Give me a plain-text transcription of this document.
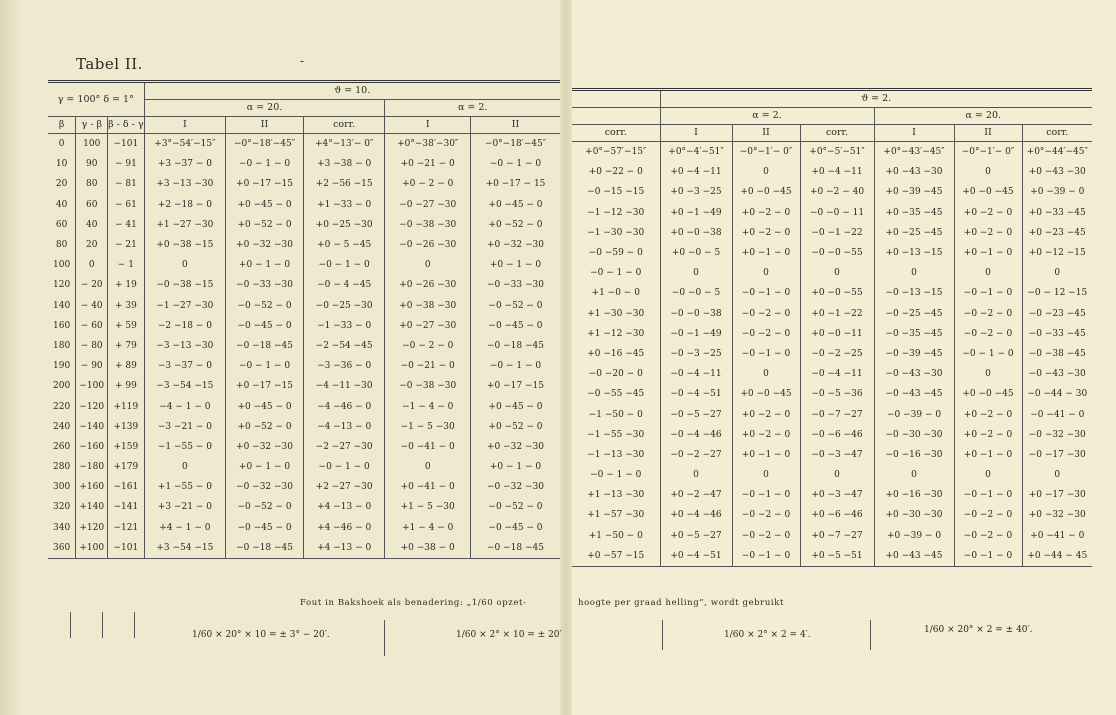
Tabel II.	‑
γ = 100° δ = 1°			ϑ = 10.				
			α = 20.			α = 2.	
β	γ - β	β - δ - γ	I	II	corr.	I	II
0	100	−101	+3°−54′−15″	−0°−18′−45″	+4°−13′− 0″	+0°−38′−30″	−0°−18′−45″
10	90	− 91	+3 −37 − 0	−0 − 1 − 0	+3 −38 − 0	+0 −21 − 0	−0 − 1 − 0
20	80	− 81	+3 −13 −30	+0 −17 −15	+2 −56 −15	+0 − 2 − 0	+0 −17 − 15
40	60	− 61	+2 −18 − 0	+0 −45 − 0	+1 −33 − 0	−0 −27 −30	+0 −45 − 0
60	40	− 41	+1 −27 −30	+0 −52 − 0	+0 −25 −30	−0 −38 −30	+0 −52 − 0
80	20	− 21	+0 −38 −15	+0 −32 −30	+0 − 5 −45	−0 −26 −30	+0 −32 −30
100	0	− 1	0	+0 − 1 − 0	−0 − 1 − 0	0	+0 − 1 − 0
120	− 20	+ 19	−0 −38 −15	−0 −33 −30	−0 − 4 −45	+0 −26 −30	−0 −33 −30
140	− 40	+ 39	−1 −27 −30	−0 −52 − 0	−0 −25 −30	+0 −38 −30	−0 −52 − 0
160	− 60	+ 59	−2 −18 − 0	−0 −45 − 0	−1 −33 − 0	+0 −27 −30	−0 −45 − 0
180	− 80	+ 79	−3 −13 −30	−0 −18 −45	−2 −54 −45	−0 − 2 − 0	−0 −18 −45
190	− 90	+ 89	−3 −37 − 0	−0 − 1 − 0	−3 −36 − 0	−0 −21 − 0	−0 − 1 − 0
200	−100	+ 99	−3 −54 −15	+0 −17 −15	−4 −11 −30	−0 −38 −30	+0 −17 −15
220	−120	+119	−4 − 1 − 0	+0 −45 − 0	−4 −46 − 0	−1 − 4 − 0	+0 −45 − 0
240	−140	+139	−3 −21 − 0	+0 −52 − 0	−4 −13 − 0	−1 − 5 −30	+0 −52 − 0
260	−160	+159	−1 −55 − 0	+0 −32 −30	−2 −27 −30	−0 −41 − 0	+0 −32 −30
280	−180	+179	0	+0 − 1 − 0	−0 − 1 − 0	0	+0 − 1 − 0
300	+160	−161	+1 −55 − 0	−0 −32 −30	+2 −27 −30	+0 −41 − 0	−0 −32 −30
320	+140	−141	+3 −21 − 0	−0 −52 − 0	+4 −13 − 0	+1 − 5 −30	−0 −52 − 0
340	+120	−121	+4 − 1 − 0	−0 −45 − 0	+4 −46 − 0	+1 − 4 − 0	−0 −45 − 0
360	+100	−101	+3 −54 −15	−0 −18 −45	+4 −13 − 0	+0 −38 − 0	−0 −18 −45
	ϑ = 2.					
	α = 2.			α = 20.		
corr.	I	II	corr.	I	II	corr.
+0°−57′−15″	+0°−4′−51″	−0°−1′− 0″	+0°−5′−51″	+0°−43′−45″	−0°−1′− 0″	+0°−44′−45″
+0 −22 − 0	+0 −4 −11	0	+0 −4 −11	+0 −43 −30	0	+0 −43 −30
−0 −15 −15	+0 −3 −25	+0 −0 −45	+0 −2 − 40	+0 −39 −45	+0 −0 −45	+0 −39 − 0
−1 −12 −30	+0 −1 −49	+0 −2 − 0	−0 −0 − 11	+0 −35 −45	+0 −2 − 0	+0 −33 −45
−1 −30 −30	+0 −0 −38	+0 −2 − 0	−0 −1 −22	+0 −25 −45	+0 −2 − 0	+0 −23 −45
−0 −59 − 0	+0 −0 − 5	+0 −1 − 0	−0 −0 −55	+0 −13 −15	+0 −1 − 0	+0 −12 −15
−0 − 1 − 0	0	0	0	0	0	0
+1 −0 − 0	−0 −0 − 5	−0 −1 − 0	+0 −0 −55	−0 −13 −15	−0 −1 − 0	−0 − 12 −15
+1 −30 −30	−0 −0 −38	−0 −2 − 0	+0 −1 −22	−0 −25 −45	−0 −2 − 0	−0 −23 −45
+1 −12 −30	−0 −1 −49	−0 −2 − 0	+0 −0 −11	−0 −35 −45	−0 −2 − 0	−0 −33 −45
+0 −16 −45	−0 −3 −25	−0 −1 − 0	−0 −2 −25	−0 −39 −45	−0 − 1 − 0	−0 −38 −45
−0 −20 − 0	−0 −4 −11	0	−0 −4 −11	−0 −43 −30	0	−0 −43 −30
−0 −55 −45	−0 −4 −51	+0 −0 −45	−0 −5 −36	−0 −43 −45	+0 −0 −45	−0 −44 − 30
−1 −50 − 0	−0 −5 −27	+0 −2 − 0	−0 −7 −27	−0 −39 − 0	+0 −2 − 0	−0 −41 − 0
−1 −55 −30	−0 −4 −46	+0 −2 − 0	−0 −6 −46	−0 −30 −30	+0 −2 − 0	−0 −32 −30
−1 −13 −30	−0 −2 −27	+0 −1 − 0	−0 −3 −47	−0 −16 −30	+0 −1 − 0	−0 −17 −30
−0 − 1 − 0	0	0	0	0	0	0
+1 −13 −30	+0 −2 −47	−0 −1 − 0	+0 −3 −47	+0 −16 −30	−0 −1 − 0	+0 −17 −30
+1 −57 −30	+0 −4 −46	−0 −2 − 0	+0 −6 −46	+0 −30 −30	−0 −2 − 0	+0 −32 −30
+1 −50 − 0	+0 −5 −27	−0 −2 − 0	+0 −7 −27	+0 −39 − 0	−0 −2 − 0	+0 −41 − 0
+0 −57 −15	+0 −4 −51	−0 −1 − 0	+0 −5 −51	+0 −43 −45	−0 −1 − 0	+0 −44 − 45
Fout in Bakshoek als benadering: „1/60 opzet-	hoogte per graad helling”, wordt gebruikt
1/60 × 20° × 10 = ± 3° − 20′.	1/60 × 2° × 10 = ± 20′	1/60 × 2° × 2 = 4′.	1/60 × 20° × 2 = ± 40′.
